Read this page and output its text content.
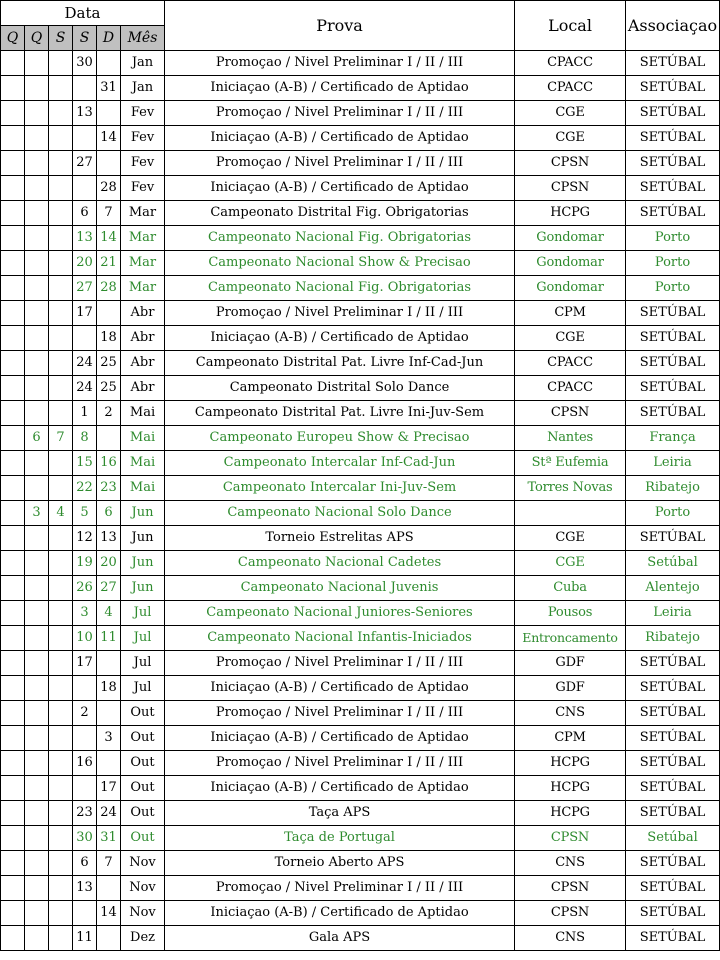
Data						Prova	Local	Associaçao
Q	Q	S	S	D	Mês			
			30		Jan	Promoçao / Nivel Preliminar I / II / III	CPACC	SETÚBAL
				31	Jan	Iniciaçao (A-B) / Certificado de Aptidao	CPACC	SETÚBAL
			13		Fev	Promoçao / Nivel Preliminar I / II / III	CGE	SETÚBAL
				14	Fev	Iniciaçao (A-B) / Certificado de Aptidao	CGE	SETÚBAL
			27		Fev	Promoçao / Nivel Preliminar I / II / III	CPSN	SETÚBAL
				28	Fev	Iniciaçao (A-B) / Certificado de Aptidao	CPSN	SETÚBAL
			6	7	Mar	Campeonato Distrital Fig. Obrigatorias	HCPG	SETÚBAL
			13	14	Mar	Campeonato Nacional Fig. Obrigatorias	Gondomar	Porto
			20	21	Mar	Campeonato Nacional Show & Precisao	Gondomar	Porto
			27	28	Mar	Campeonato Nacional Fig. Obrigatorias	Gondomar	Porto
			17		Abr	Promoçao / Nivel Preliminar I / II / III	CPM	SETÚBAL
				18	Abr	Iniciaçao (A-B) / Certificado de Aptidao	CGE	SETÚBAL
			24	25	Abr	Campeonato Distrital Pat. Livre Inf-Cad-Jun	CPACC	SETÚBAL
			24	25	Abr	Campeonato Distrital Solo Dance	CPACC	SETÚBAL
			1	2	Mai	Campeonato Distrital Pat. Livre Ini-Juv-Sem	CPSN	SETÚBAL
	6	7	8		Mai	Campeonato Europeu Show & Precisao	Nantes	França
			15	16	Mai	Campeonato Intercalar Inf-Cad-Jun	Stª Eufemia	Leiria
			22	23	Mai	Campeonato Intercalar Ini-Juv-Sem	Torres Novas	Ribatejo
	3	4	5	6	Jun	Campeonato Nacional Solo Dance		Porto
			12	13	Jun	Torneio Estrelitas APS	CGE	SETÚBAL
			19	20	Jun	Campeonato Nacional Cadetes	CGE	Setúbal
			26	27	Jun	Campeonato Nacional Juvenis	Cuba	Alentejo
			3	4	Jul	Campeonato Nacional Juniores-Seniores	Pousos	Leiria
			10	11	Jul	Campeonato Nacional Infantis-Iniciados	Entroncamento	Ribatejo
			17		Jul	Promoçao / Nivel Preliminar I / II / III	GDF	SETÚBAL
				18	Jul	Iniciaçao (A-B) / Certificado de Aptidao	GDF	SETÚBAL
			2		Out	Promoçao / Nivel Preliminar I / II / III	CNS	SETÚBAL
				3	Out	Iniciaçao (A-B) / Certificado de Aptidao	CPM	SETÚBAL
			16		Out	Promoçao / Nivel Preliminar I / II / III	HCPG	SETÚBAL
				17	Out	Iniciaçao (A-B) / Certificado de Aptidao	HCPG	SETÚBAL
			23	24	Out	Taça APS	HCPG	SETÚBAL
			30	31	Out	Taça de Portugal	CPSN	Setúbal
			6	7	Nov	Torneio Aberto APS	CNS	SETÚBAL
			13		Nov	Promoçao / Nivel Preliminar I / II / III	CPSN	SETÚBAL
				14	Nov	Iniciaçao (A-B) / Certificado de Aptidao	CPSN	SETÚBAL
			11		Dez	Gala APS	CNS	SETÚBAL
